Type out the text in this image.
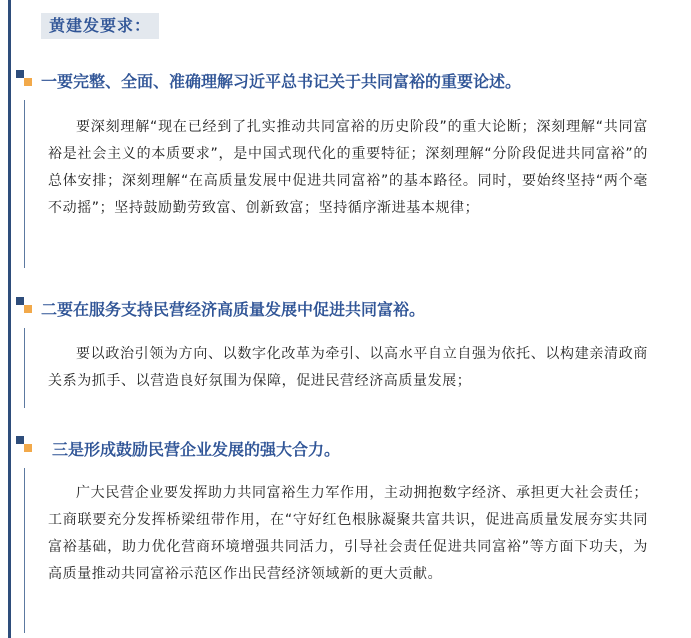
黄建发要求：
一要完整、全面、准确理解习近平总书记关于共同富裕的重要论述。
要深刻理解“现在已经到了扎实推动共同富裕的历史阶段”的重大论断；深刻理解“共同富裕是社会主义的本质要求”，是中国式现代化的重要特征；深刻理解“分阶段促进共同富裕”的总体安排；深刻理解“在高质量发展中促进共同富裕”的基本路径。同时，要始终坚持“两个毫不动摇”；坚持鼓励勤劳致富、创新致富；坚持循序渐进基本规律；
二要在服务支持民营经济高质量发展中促进共同富裕。
要以政治引领为方向、以数字化改革为牵引、以高水平自立自强为依托、以构建亲清政商关系为抓手、以营造良好氛围为保障，促进民营经济高质量发展；
三是形成鼓励民营企业发展的强大合力。
广大民营企业要发挥助力共同富裕生力军作用，主动拥抱数字经济、承担更大社会责任；工商联要充分发挥桥梁纽带作用，在“守好红色根脉凝聚共富共识，促进高质量发展夯实共同富裕基础，助力优化营商环境增强共同活力，引导社会责任促进共同富裕”等方面下功夫，为高质量推动共同富裕示范区作出民营经济领域新的更大贡献。
